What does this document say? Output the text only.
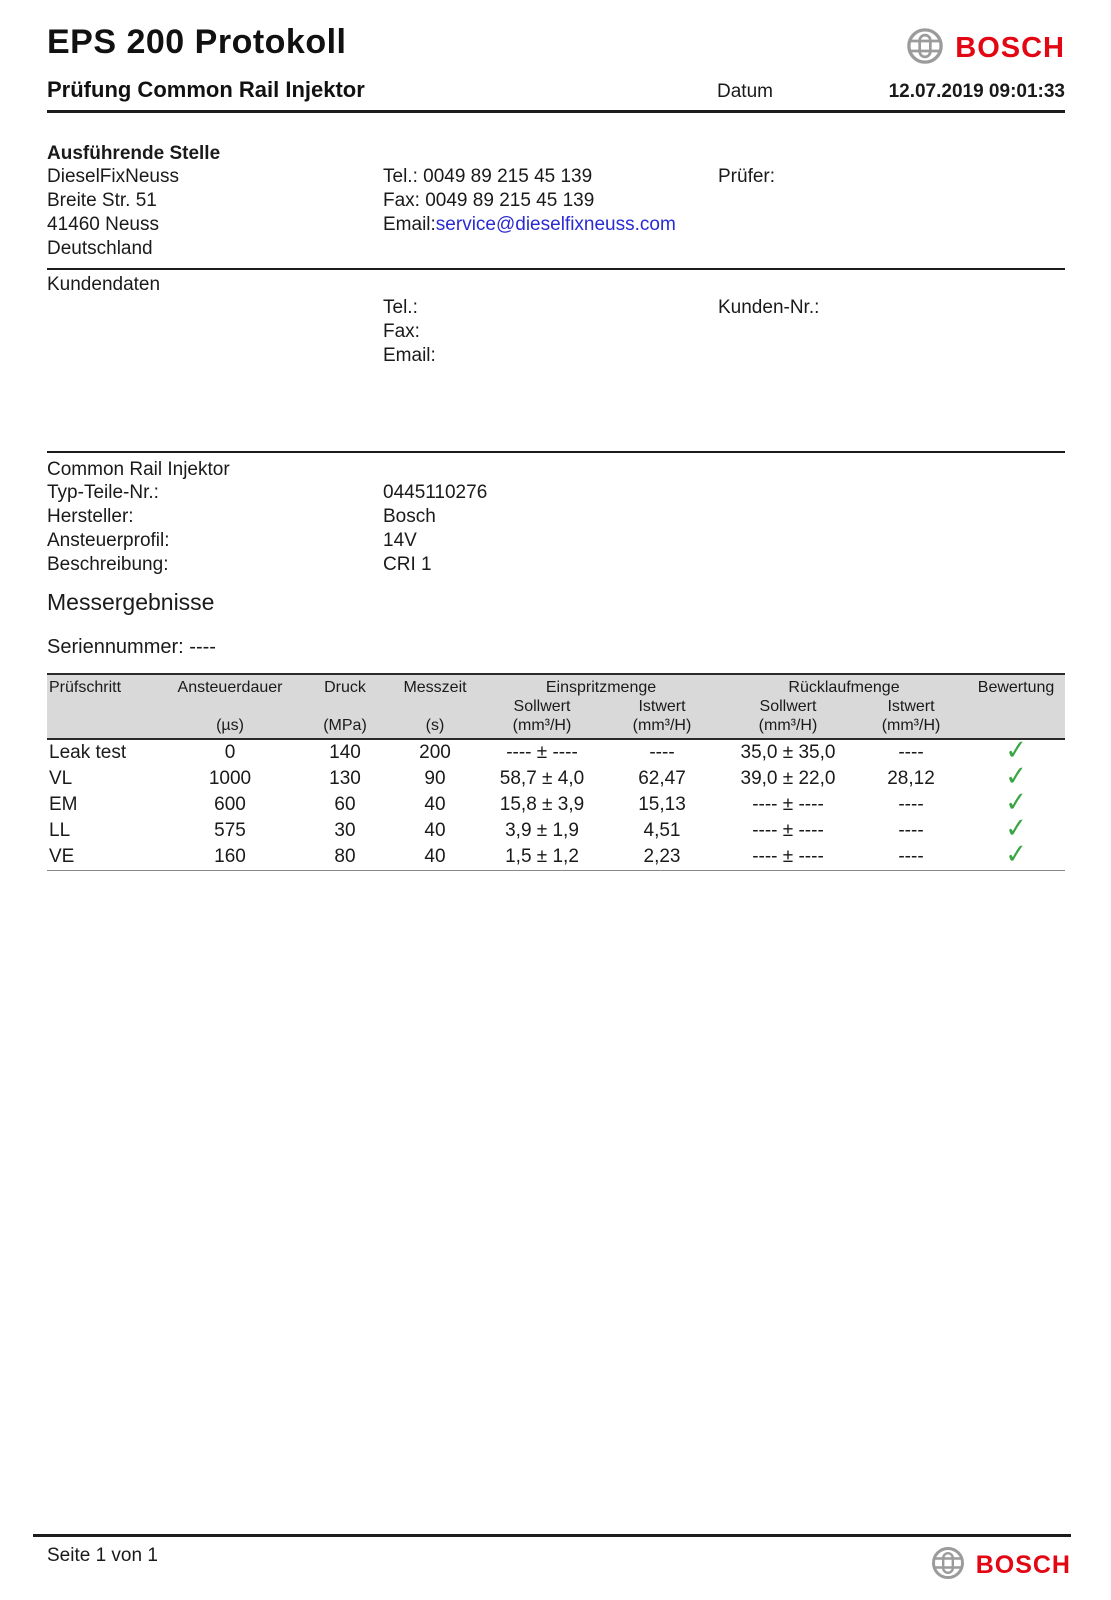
EPS 200 Protokoll	BOSCH
Prüfung Common Rail Injektor	Datum	12.07.2019 09:01:33
Ausführende Stelle
DieselFixNeuss
Breite Str. 51
41460 Neuss
Deutschland
Tel.: 0049 89 215 45 139
Fax: 0049 89 215 45 139
Email:service@dieselfixneuss.com
Prüfer:
Kundendaten
Tel.:
Fax:
Email:
Kunden-Nr.:
Common Rail Injektor
Typ-Teile-Nr.:	0445110276
Hersteller:	Bosch
Ansteuerprofil:	14V
Beschreibung:	CRI 1
Messergebnisse
Seriennummer: ----
Prüfschritt	Ansteuerdauer	Druck	Messzeit	Einspritzmenge		Rücklaufmenge		Bewertung
				Sollwert	Istwert	Sollwert	Istwert	
	(µs)	(MPa)	(s)	(mm³/H)	(mm³/H)	(mm³/H)	(mm³/H)	
Leak test	0	140	200	---- ± ----	----	35,0 ± 35,0	----	✓
VL	1000	130	90	58,7 ± 4,0	62,47	39,0 ± 22,0	28,12	✓
EM	600	60	40	15,8 ± 3,9	15,13	---- ± ----	----	✓
LL	575	30	40	3,9 ± 1,9	4,51	---- ± ----	----	✓
VE	160	80	40	1,5 ± 1,2	2,23	---- ± ----	----	✓
Seite 1 von 1	BOSCH
